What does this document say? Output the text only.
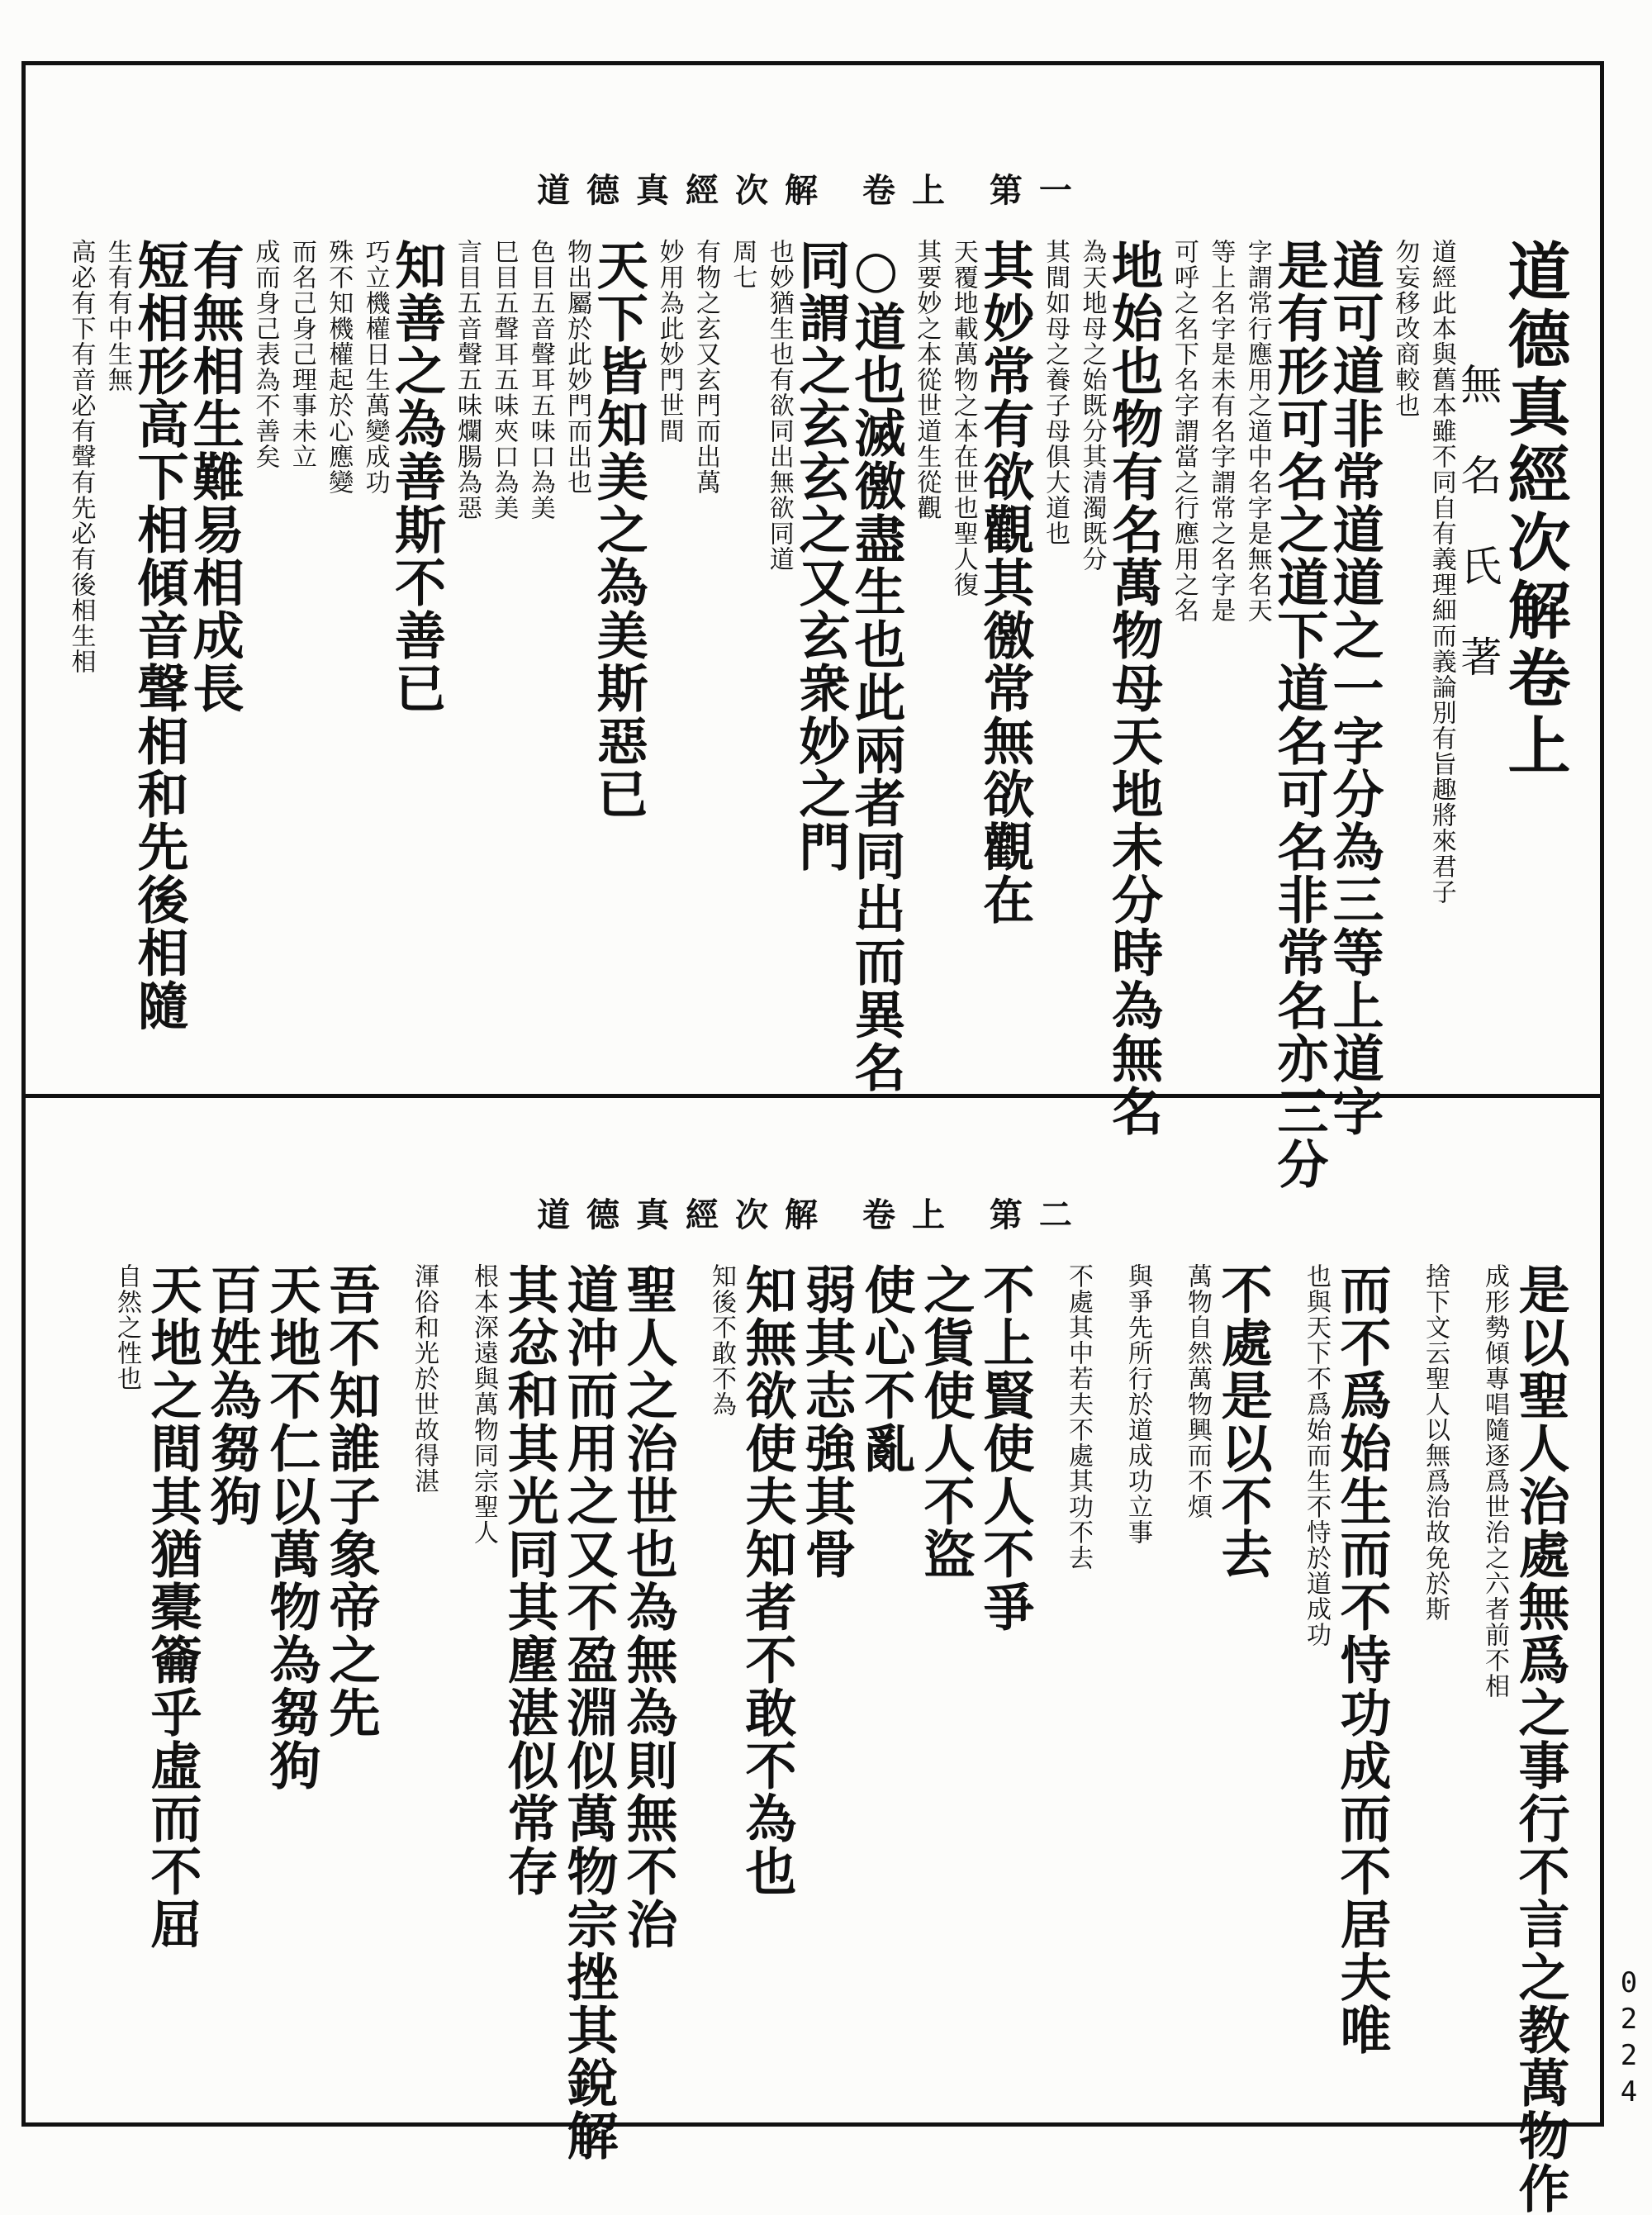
道德真經次解 卷上 第一
道德真經次解卷上
無名氏著
道經此本與舊本雖不同自有義理細而義論別有旨趣將來君子
勿妄移改商較也
道可道非常道道之一字分為三等上道字
是有形可名之道下道名可名非常名亦三分
字謂常行應用之道中名字是無名天
等上名字是未有名字謂常之名字是
可呼之名下名字謂當之行應用之名
地始也物有名萬物母天地未分時為無名
為天地母之始既分其清濁既分
其間如母之養子母俱大道也
其妙常有欲觀其徼常無欲觀在
天覆地載萬物之本在世也聖人復
其要妙之本從世道生從觀
○道也滅徼盡生也此兩者同出而異名
同謂之玄玄之又玄衆妙之門
也妙猶生也有欲同出無欲同道
周七
有物之玄又玄門而出萬
妙用為此妙門世間
天下皆知美之為美斯惡已
物出屬於此妙門而出也
色目五音聲耳五味口為美
巳目五聲耳五味夾口為美
言目五音聲五味爛腸為惡
知善之為善斯不善已
巧立機權日生萬變成功
殊不知機權起於心應變
而名己身己理事未立
成而身己表為不善矣
有無相生難易相成長
短相形高下相傾音聲相和先後相隨
生有有中生無
高必有下有音必有聲有先必有後相生相
道德真經次解 卷上 第二
是以聖人治處無爲之事行不言之教萬物作
成形勢傾專唱隨逐爲世治之六者前不相
捨下文云聖人以無爲治故免於斯
而不爲始生而不恃功成而不居夫唯
也與天下不爲始而生不恃於道成功
不處是以不去
萬物自然萬物興而不煩
與爭先所行於道成功立事
不處其中若夫不處其功不去
不上賢使人不爭
之貨使人不盜
使心不亂
弱其志強其骨
知無欲使夫知者不敢不為也
知後不敢不為
聖人之治世也為無為則無不治
道沖而用之又不盈淵似萬物宗挫其銳解
其忿和其光同其塵湛似常存
根本深遠與萬物同宗聖人
渾俗和光於世故得湛
吾不知誰子象帝之先
天地不仁以萬物為芻狗
百姓為芻狗
天地之間其猶橐籥乎虛而不屈
自然之性也
0224
